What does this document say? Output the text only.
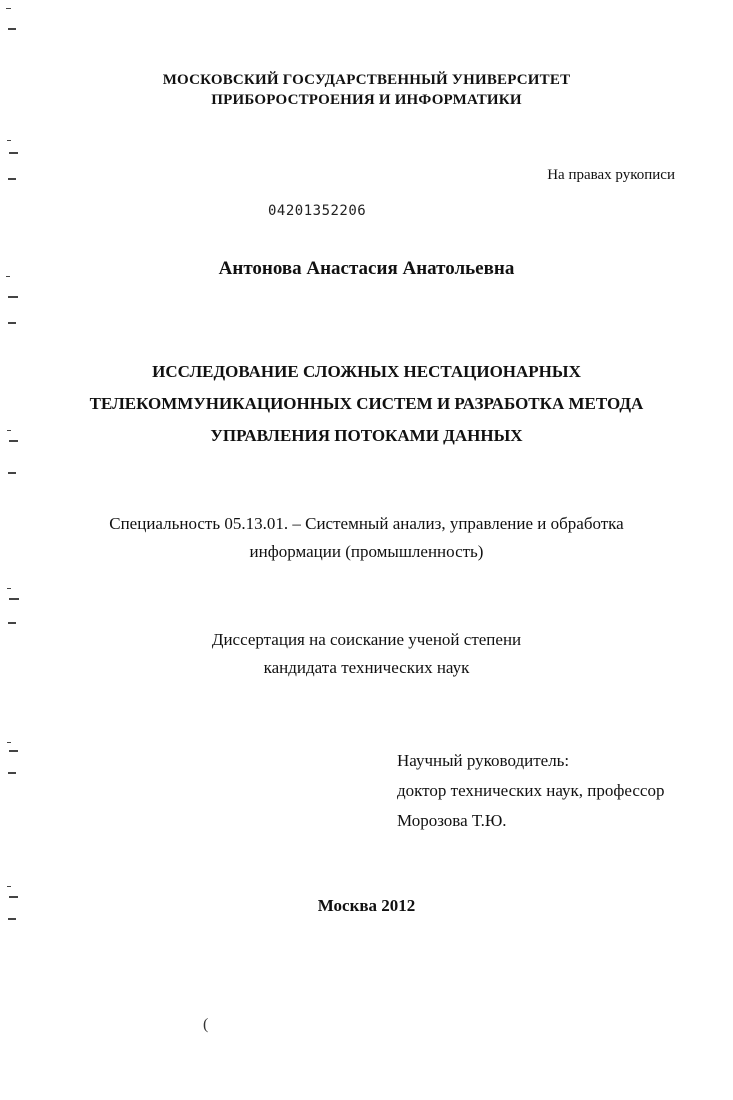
МОСКОВСКИЙ ГОСУДАРСТВЕННЫЙ УНИВЕРСИТЕТ
ПРИБОРОСТРОЕНИЯ И ИНФОРМАТИКИ
На правах рукописи
04201352206
Антонова Анастасия Анатольевна
ИССЛЕДОВАНИЕ СЛОЖНЫХ НЕСТАЦИОНАРНЫХ
ТЕЛЕКОММУНИКАЦИОННЫХ СИСТЕМ И РАЗРАБОТКА МЕТОДА
УПРАВЛЕНИЯ ПОТОКАМИ ДАННЫХ
Специальность 05.13.01. – Системный анализ, управление и обработка
информации (промышленность)
Диссертация на соискание ученой степени
кандидата технических наук
Научный руководитель:
доктор технических наук, профессор
Морозова Т.Ю.
Москва 2012
(
